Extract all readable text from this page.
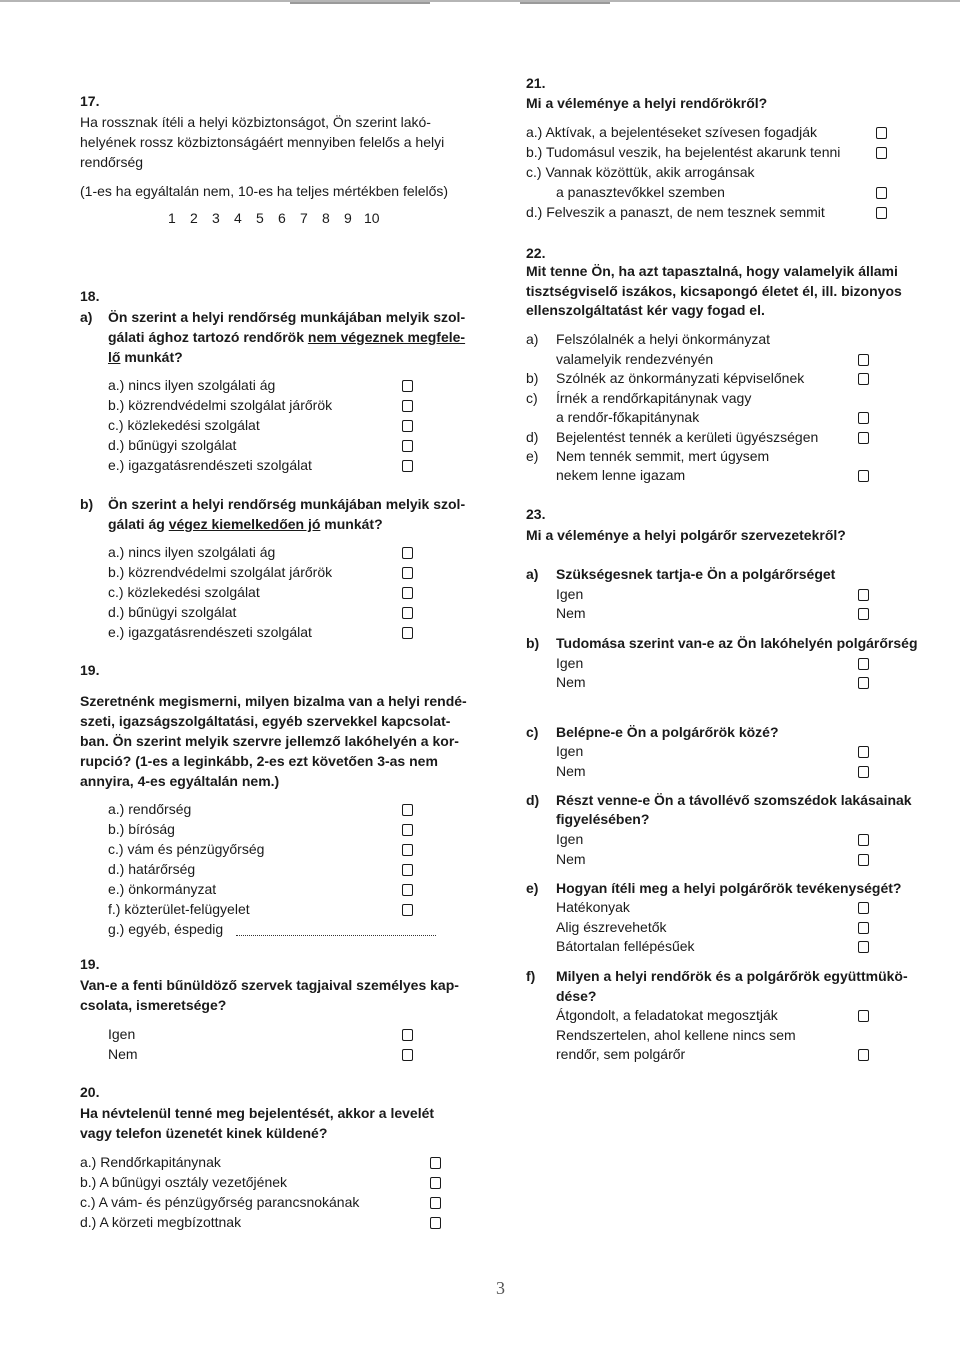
17.
Ha rossznak ítéli a helyi közbiztonságot, Ön szerint lakó-
helyének rossz közbiztonságáért mennyiben felelős a helyi
rendőrség
(1-es ha egyáltalán nem, 10-es ha teljes mértékben felelős)
1 2 3 4 5 6 7 8 9 10
18.
a) Ön szerint a helyi rendőrség munkájában melyik szol-
gálati ághoz tartozó rendőrök nem végeznek megfele-
lő munkát?
a.) nincs ilyen szolgálati ág
b.) közrendvédelmi szolgálat járőrök
c.) közlekedési szolgálat
d.) bűnügyi szolgálat
e.) igazgatásrendészeti szolgálat
b) Ön szerint a helyi rendőrség munkájában melyik szol-
gálati ág végez kiemelkedően jó munkát?
a.) nincs ilyen szolgálati ág
b.) közrendvédelmi szolgálat járőrök
c.) közlekedési szolgálat
d.) bűnügyi szolgálat
e.) igazgatásrendészeti szolgálat
19.
Szeretnénk megismerni, milyen bizalma van a helyi rendé-
szeti, igazságszolgáltatási, egyéb szervekkel kapcsolat-
ban. Ön szerint melyik szervre jellemző lakóhelyén a kor-
rupció? (1-es a leginkább, 2-es ezt követően 3-as nem
annyira, 4-es egyáltalán nem.)
a.) rendőrség
b.) bíróság
c.) vám és pénzügyőrség
d.) határőrség
e.) önkormányzat
f.) közterület-felügyelet
g.) egyéb, éspedig
19.
Van-e a fenti bűnüldöző szervek tagjaival személyes kap-
csolata, ismeretsége?
Igen
Nem
20.
Ha névtelenül tenné meg bejelentését, akkor a levelét
vagy telefon üzenetét kinek küldené?
a.) Rendőrkapitánynak
b.) A bűnügyi osztály vezetőjének
c.) A vám- és pénzügyőrség parancsnokának
d.) A körzeti megbízottnak
21.
Mi a véleménye a helyi rendőrökről?
a.) Aktívak, a bejelentéseket szívesen fogadják
b.) Tudomásul veszik, ha bejelentést akarunk tenni
c.) Vannak közöttük, akik arrogánsak
a panasztevőkkel szemben
d.) Felveszik a panaszt, de nem tesznek semmit
22.
Mit tenne Ön, ha azt tapasztalná, hogy valamelyik állami
tisztségviselő iszákos, kicsapongó életet él, ill. bizonyos
ellenszolgáltatást kér vagy fogad el.
a) Felszólalnék a helyi önkormányzat
valamelyik rendezvényén
b) Szólnék az önkormányzati képviselőnek
c) Írnék a rendőrkapitánynak vagy
a rendőr-főkapitánynak
d) Bejelentést tennék a kerületi ügyészségen
e) Nem tennék semmit, mert úgysem
nekem lenne igazam
23.
Mi a véleménye a helyi polgárőr szervezetekről?
a) Szükségesnek tartja-e Ön a polgárőrséget
Igen
Nem
b) Tudomása szerint van-e az Ön lakóhelyén polgárőrség
Igen
Nem
c) Belépne-e Ön a polgárőrök közé?
Igen
Nem
d) Részt venne-e Ön a távollévő szomszédok lakásainak
figyelésében?
Igen
Nem
e) Hogyan ítéli meg a helyi polgárőrök tevékenységét?
Hatékonyak
Alig észrevehetők
Bátortalan fellépésűek
f) Milyen a helyi rendőrök és a polgárőrök együttmükö-
dése?
Átgondolt, a feladatokat megosztják
Rendszertelen, ahol kellene nincs sem
rendőr, sem polgárőr
3
